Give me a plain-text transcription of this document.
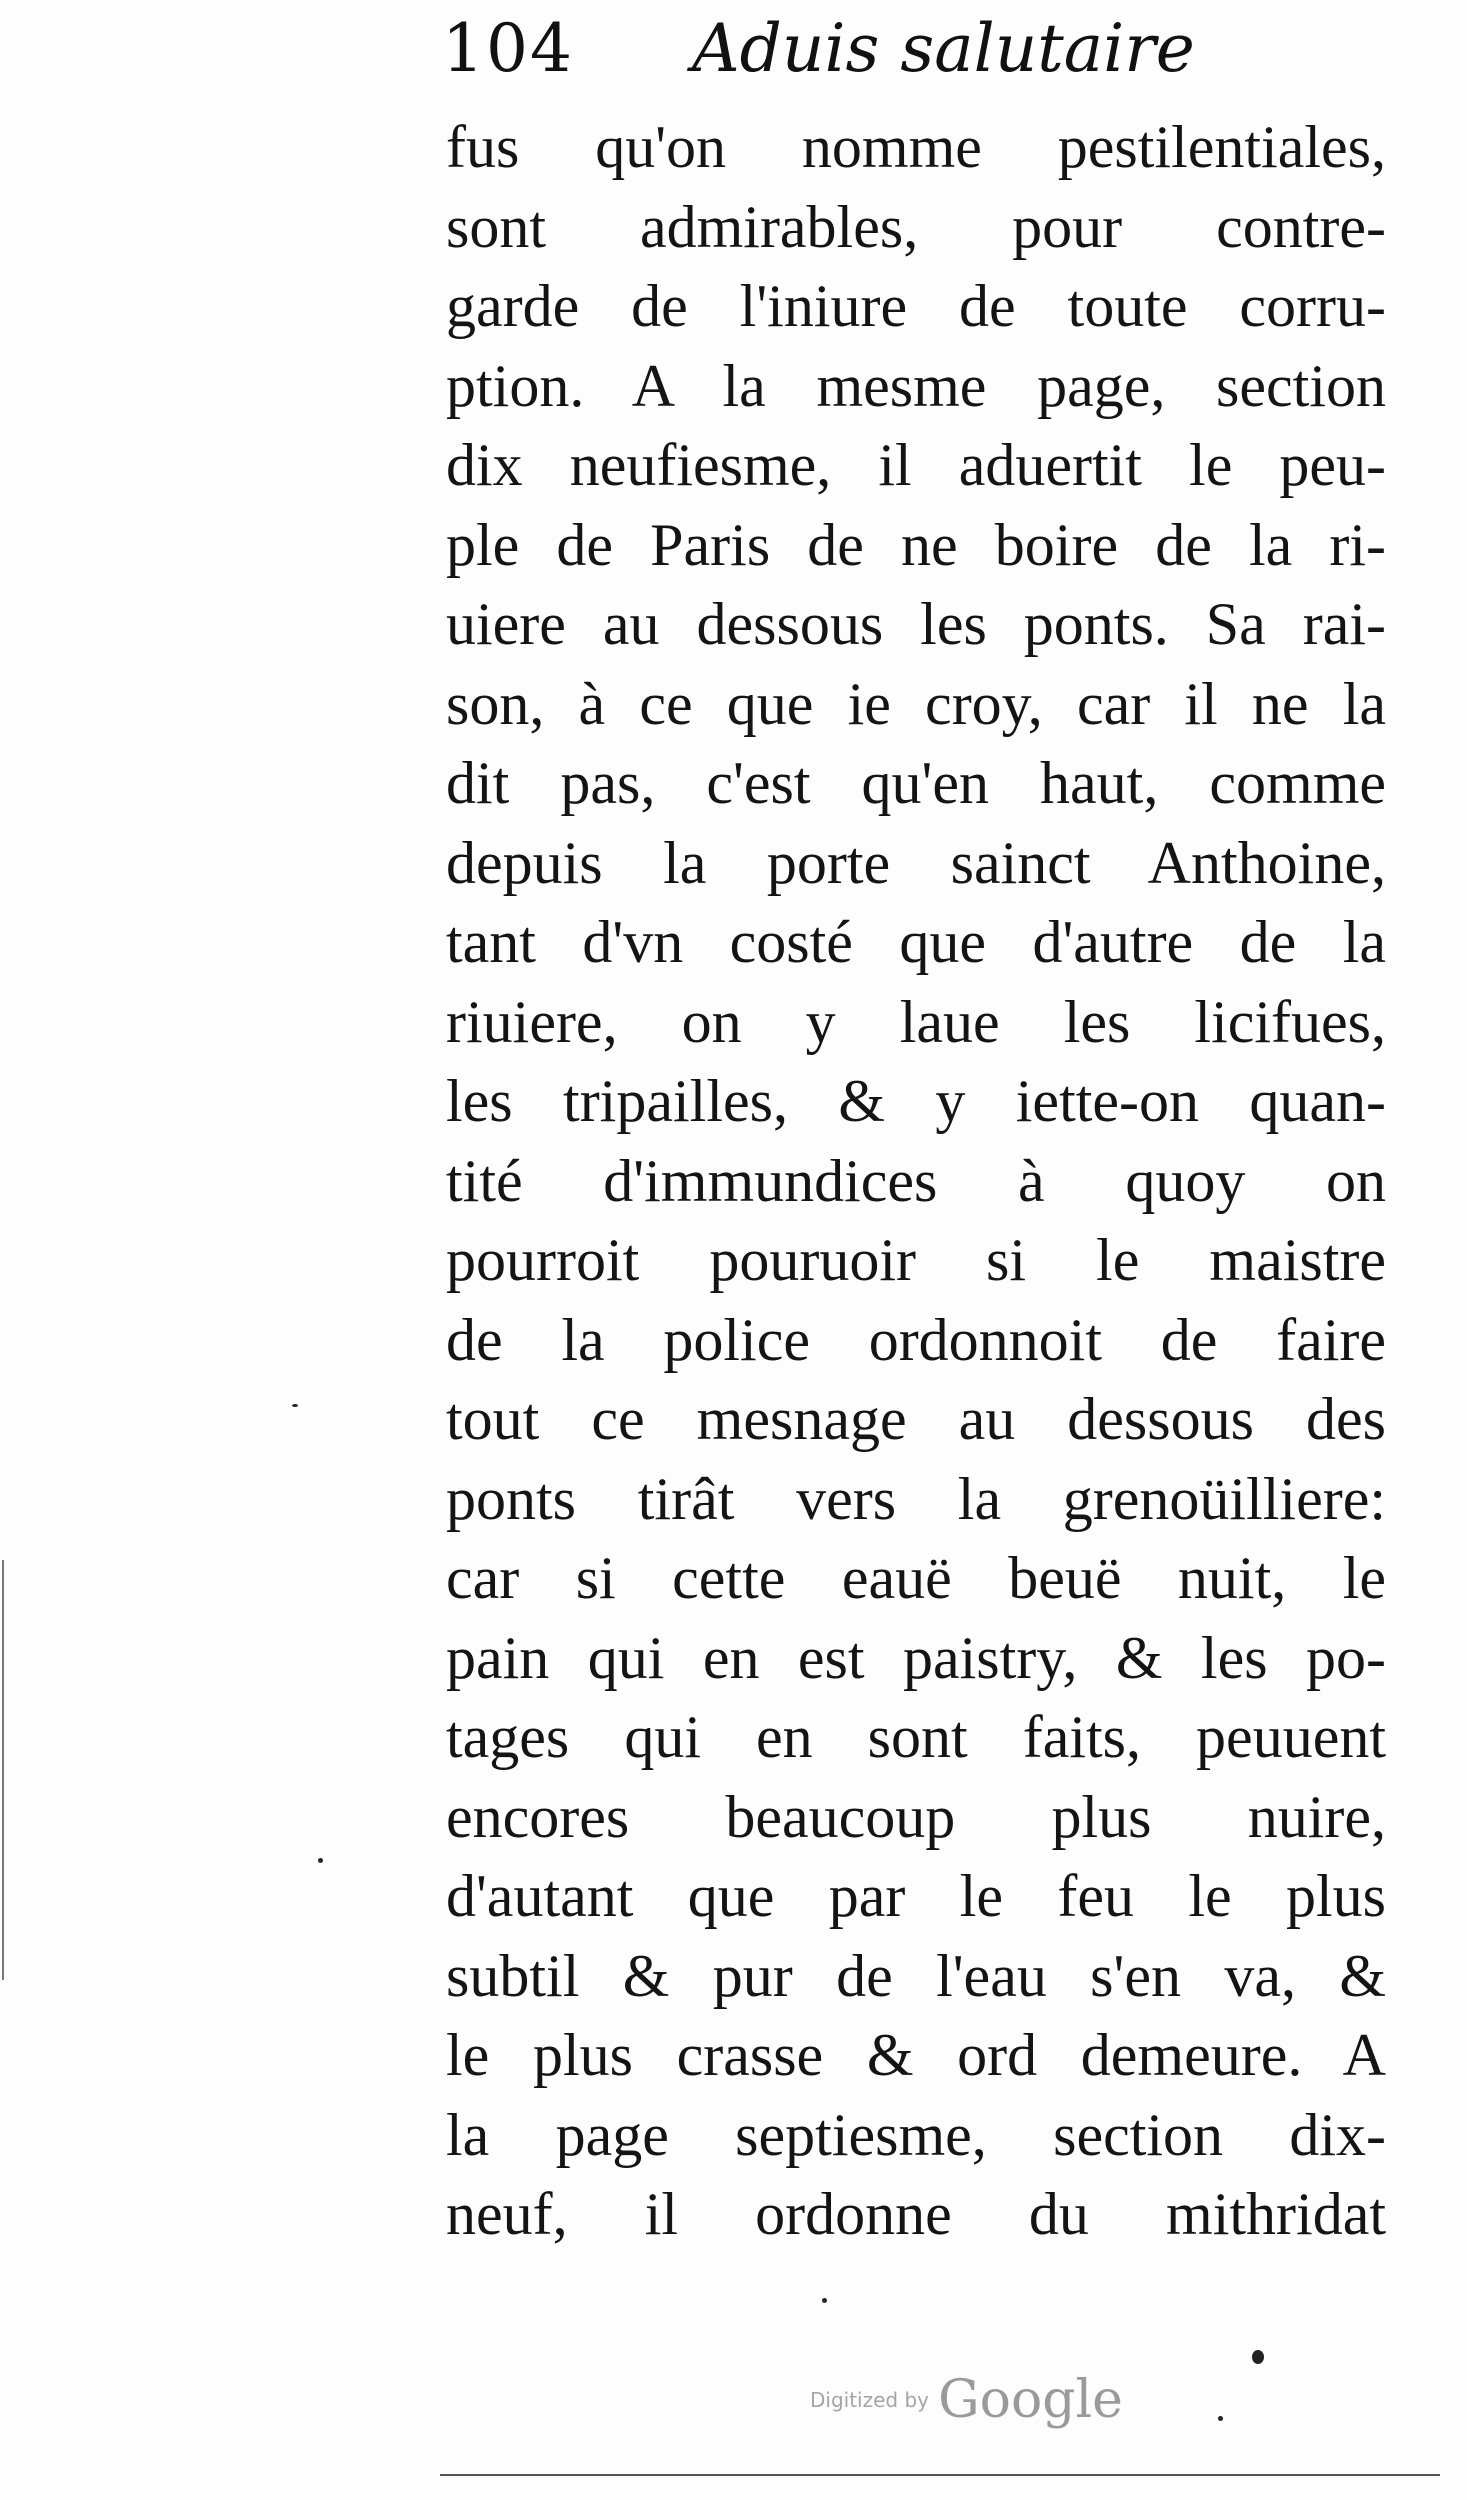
104 Aduis salutaire
fus qu'on nomme pestilentiales,
sont admirables, pour contre-
garde de l'iniure de toute corru-
ption. A la mesme page, section
dix neufiesme, il aduertit le peu-
ple de Paris de ne boire de la ri-
uiere au dessous les ponts. Sa rai-
son, à ce que ie croy, car il ne la
dit pas, c'est qu'en haut, comme
depuis la porte sainct Anthoine,
tant d'vn costé que d'autre de la
riuiere, on y laue les licifues,
les tripailles, & y iette-on quan-
tité d'immundices à quoy on
pourroit pouruoir si le maistre
de la police ordonnoit de faire
tout ce mesnage au dessous des
ponts tirât vers la grenoüilliere:
car si cette eauë beuë nuit, le
pain qui en est paistry, & les po-
tages qui en sont faits, peuuent
encores beaucoup plus nuire,
d'autant que par le feu le plus
subtil & pur de l'eau s'en va, &
le plus crasse & ord demeure. A
la page septiesme, section dix-
neuf, il ordonne du mithridat
Digitized by Google
